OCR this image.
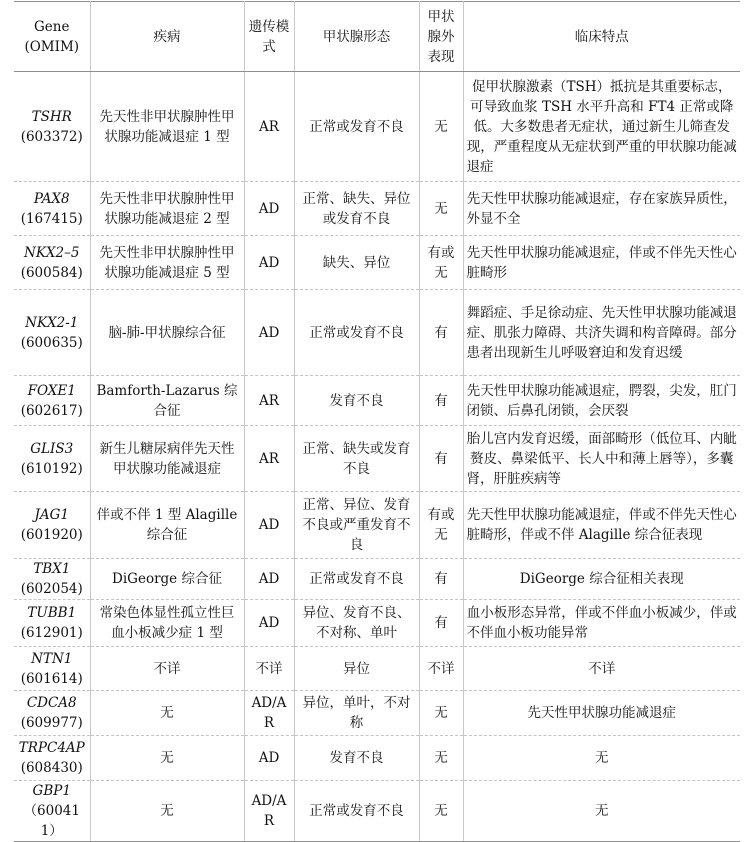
Gene
(OMIM)	疾病	遗传模式	甲状腺形态	甲状腺外表现	临床特点

TSHR
(603372)	先天性非甲状腺肿性甲状腺功能减退症 1 型	AR	正常或发育不良	无	促甲状腺激素（TSH）抵抗是其重要标志，可导致血浆 TSH 水平升高和 FT4 正常或降低。大多数患者无症状，通过新生儿筛查发现，严重程度从无症状到严重的甲状腺功能减退症

PAX8
(167415)	先天性非甲状腺肿性甲状腺功能减退症 2 型	AD	正常、缺失、异位或发育不良	无	先天性甲状腺功能减退症，存在家族异质性，外显不全

NKX2–5
(600584)	先天性非甲状腺肿性甲状腺功能减退症 5 型	AD	缺失、异位	有或无	先天性甲状腺功能减退症，伴或不伴先天性心脏畸形

NKX2-1
(600635)	脑-肺-甲状腺综合征	AD	正常或发育不良	有	舞蹈症、手足徐动症、先天性甲状腺功能减退症、肌张力障碍、共济失调和构音障碍。部分患者出现新生儿呼吸窘迫和发育迟缓

FOXE1
(602617)	Bamforth-Lazarus 综合征	AR	发育不良	有	先天性甲状腺功能减退症，腭裂，尖发，肛门闭锁、后鼻孔闭锁，会厌裂

GLIS3
(610192)	新生儿糖尿病伴先天性甲状腺功能减退症	AR	正常、缺失或发育不良	有	胎儿宫内发育迟缓，面部畸形（低位耳、内眦赘皮、鼻梁低平、长人中和薄上唇等），多囊肾，肝脏疾病等

JAG1
(601920)	伴或不伴 1 型 Alagille 综合征	AD	正常、异位、发育不良或严重发育不良	有或无	先天性甲状腺功能减退症，伴或不伴先天性心脏畸形，伴或不伴 Alagille 综合征表现

TBX1
(602054)	DiGeorge 综合征	AD	正常或发育不良	有	DiGeorge 综合征相关表现

TUBB1
(612901)	常染色体显性孤立性巨血小板减少症 1 型	AD	异位、发育不良、不对称、单叶	有	血小板形态异常，伴或不伴血小板减少，伴或不伴血小板功能异常

NTN1
(601614)	不详	不详	异位	不详	不详

CDCA8
(609977)	无	AD/AR	异位，单叶，不对称	无	先天性甲状腺功能减退症

TRPC4AP
(608430)	无	AD	发育不良	无	无

GBP1
（600411）	无	AD/AR	正常或发育不良	无	无
